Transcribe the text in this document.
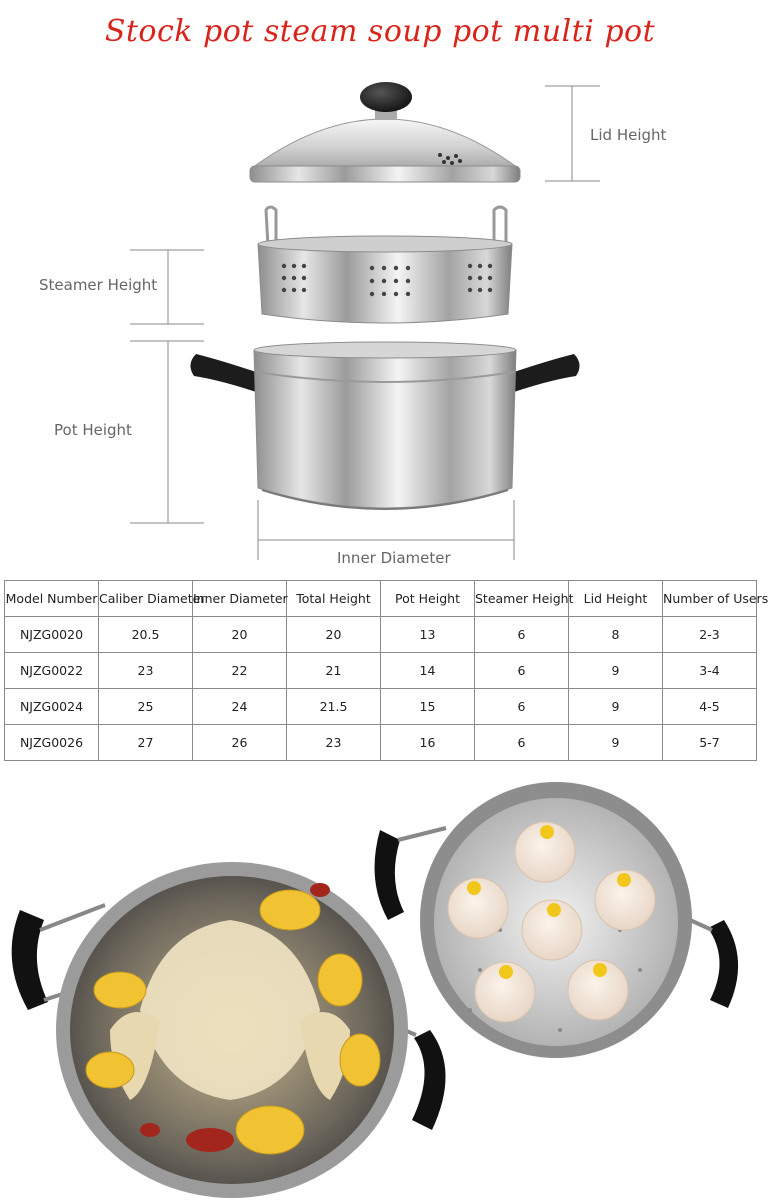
Stock pot steam soup pot multi pot
Lid Height
Steamer Height
Pot Height
Inner Diameter
Model Number	Caliber Diameter	Inner Diameter	Total Height	Pot Height	Steamer Height	Lid Height	Number of Users
NJZG0020	20.5	20	20	13	6	8	2-3
NJZG0022	23	22	21	14	6	9	3-4
NJZG0024	25	24	21.5	15	6	9	4-5
NJZG0026	27	26	23	16	6	9	5-7
